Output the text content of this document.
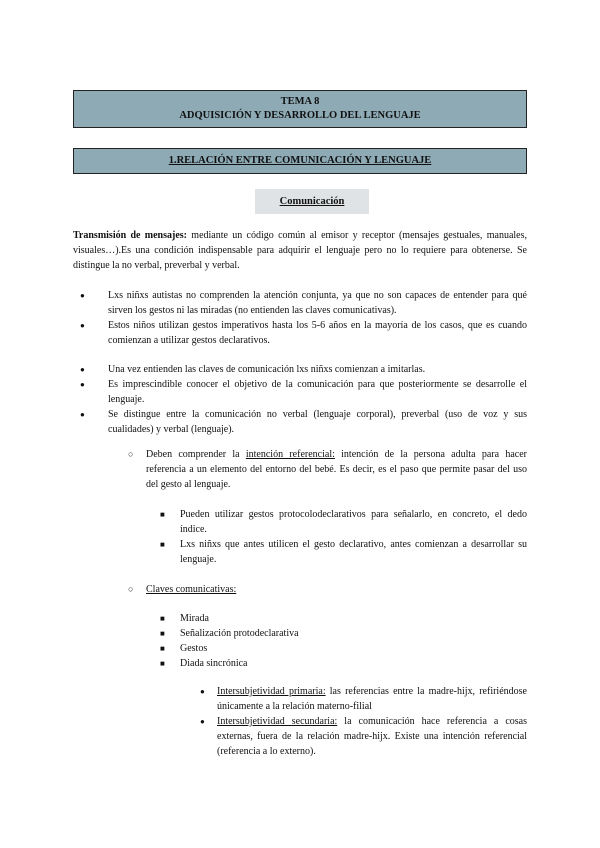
TEMA 8
ADQUISICIÓN Y DESARROLLO DEL LENGUAJE
1.RELACIÓN ENTRE COMUNICACIÓN Y LENGUAJE
Comunicación

Transmisión de mensajes: mediante un código común al emisor y receptor (mensajes gestuales, manuales, visuales…).Es una condición indispensable para adquirir el lenguaje pero no lo requiere para obtenerse. Se distingue la no verbal, preverbal y verbal.

● Lxs niñxs autistas no comprenden la atención conjunta, ya que no son capaces de entender para qué sirven los gestos ni las miradas (no entienden las claves comunicativas).
● Estos niños utilizan gestos imperativos hasta los 5-6 años en la mayoría de los casos, que es cuando comienzan a utilizar gestos declarativos.
● Una vez entienden las claves de comunicación lxs niñxs comienzan a imitarlas.
● Es imprescindible conocer el objetivo de la comunicación para que posteriormente se desarrolle el lenguaje.
● Se distingue entre la comunicación no verbal (lenguaje corporal), preverbal (uso de voz y sus cualidades) y verbal (lenguaje).
○ Deben comprender la intención referencial: intención de la persona adulta para hacer referencia a un elemento del entorno del bebé. Es decir, es el paso que permite pasar del uso del gesto al lenguaje.
■ Pueden utilizar gestos protocolodeclarativos para señalarlo, en concreto, el dedo índice.
■ Lxs niñxs que antes utilicen el gesto declarativo, antes comienzan a desarrollar su lenguaje.
○ Claves comunicativas:
■ Mirada
■ Señalización protodeclarativa
■ Gestos
■ Diada sincrónica
● Intersubjetividad primaria: las referencias entre la madre-hijx, refiriéndose únicamente a la relación materno-filial
● Intersubjetividad secundaria: la comunicación hace referencia a cosas externas, fuera de la relación madre-hijx. Existe una intención referencial (referencia a lo externo).
